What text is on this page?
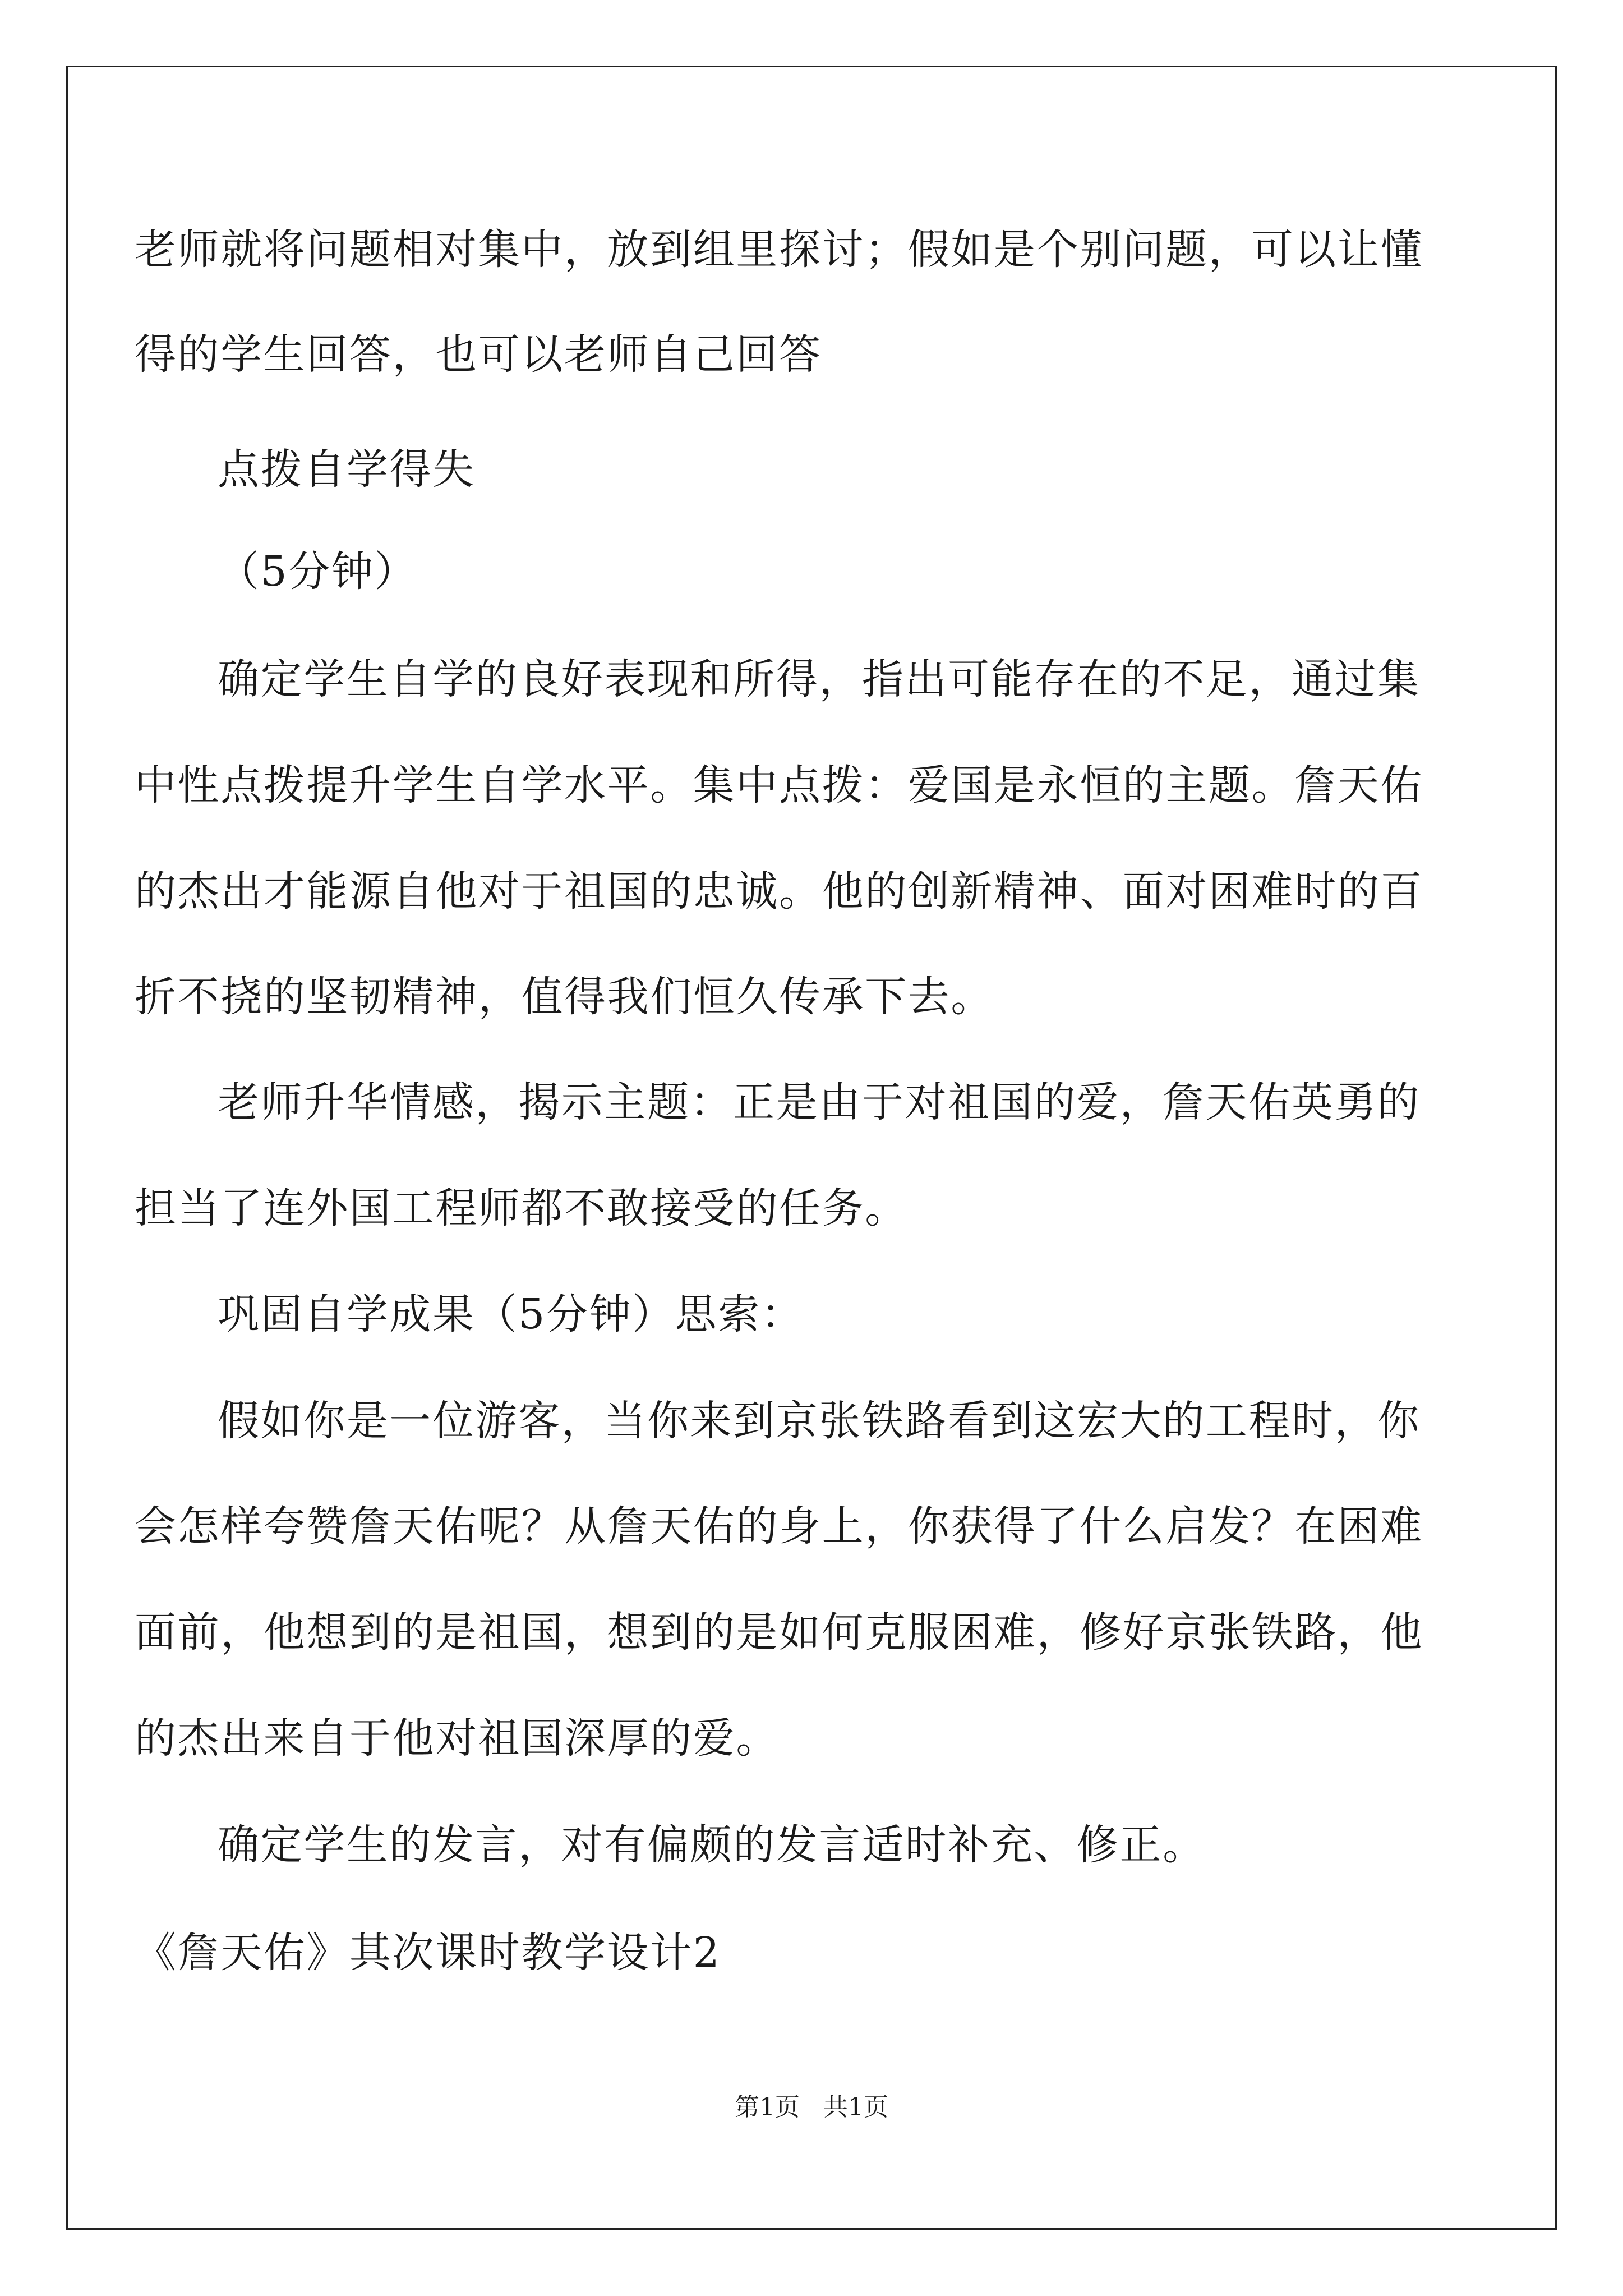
老师就将问题相对集中，放到组里探讨；假如是个别问题，可以让懂
得的学生回答，也可以老师自己回答
点拨自学得失
（5分钟）
确定学生自学的良好表现和所得，指出可能存在的不足，通过集
中性点拨提升学生自学水平。集中点拨：爱国是永恒的主题。詹天佑
的杰出才能源自他对于祖国的忠诚。他的创新精神、面对困难时的百
折不挠的坚韧精神，值得我们恒久传承下去。
老师升华情感，揭示主题：正是由于对祖国的爱，詹天佑英勇的
担当了连外国工程师都不敢接受的任务。
巩固自学成果（5分钟）思索：
假如你是一位游客，当你来到京张铁路看到这宏大的工程时，你
会怎样夸赞詹天佑呢？从詹天佑的身上，你获得了什么启发？在困难
面前，他想到的是祖国，想到的是如何克服困难，修好京张铁路，他
的杰出来自于他对祖国深厚的爱。
确定学生的发言，对有偏颇的发言适时补充、修正。
《詹天佑》其次课时教学设计2
第1页   共1页
